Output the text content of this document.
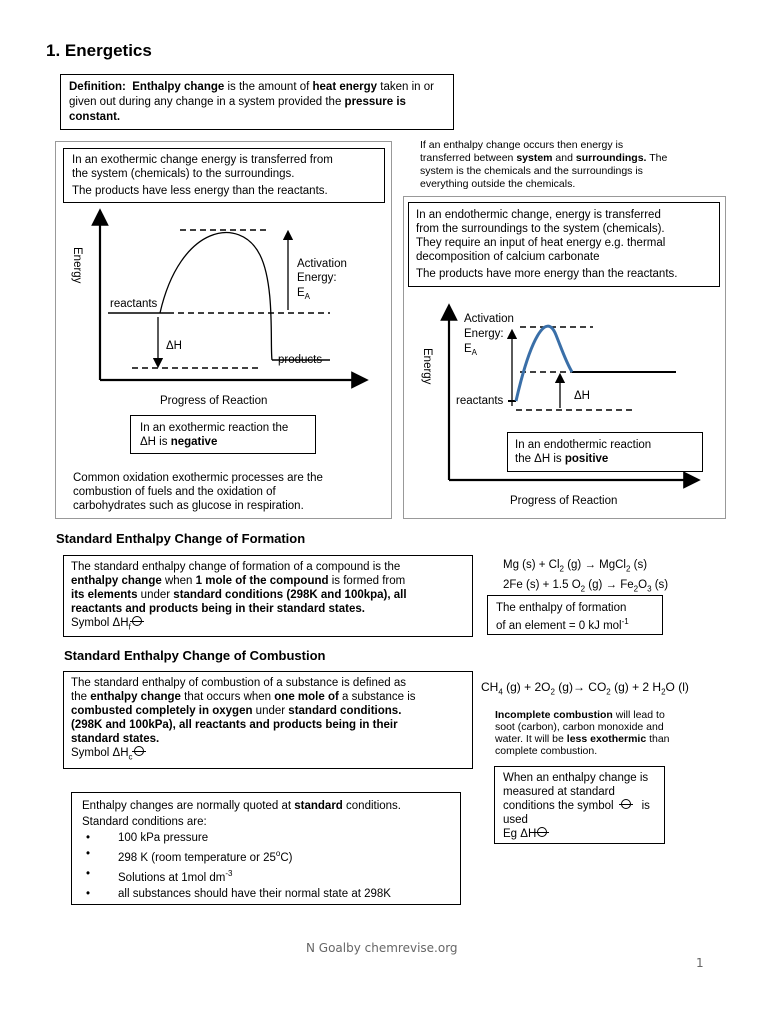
1. Energetics
Definition: Enthalpy change is the amount of heat energy taken in or given out during any change in a system provided the pressure is constant.
In an exothermic change energy is transferred from
the system (chemicals) to the surroundings.
The products have less energy than the reactants.
Energy	Activation
Energy:
$E_A$
reactants
ΔH
products
Progress of Reaction
In an exothermic reaction the
ΔH is negative
Common oxidation exothermic processes are the
combustion of fuels and the oxidation of
carbohydrates such as glucose in respiration.
If an enthalpy change occurs then energy is
transferred between system and surroundings. The
system is the chemicals and the surroundings is
everything outside the chemicals.
In an endothermic change, energy is transferred
from the surroundings to the system (chemicals).
They require an input of heat energy e.g. thermal
decomposition of calcium carbonate
The products have more energy than the reactants.
Activation
Energy:
$E_A$
Energy
reactants	ΔH
Progress of Reaction
In an endothermic reaction
the ΔH is positive
Standard Enthalpy Change of Formation
The standard enthalpy change of formation of a compound is the
enthalpy change when 1 mole of the compound is formed from
its elements under standard conditions (298K and 100kpa), all
reactants and products being in their standard states.
Symbol $\Delta H_f$
Mg $(s) + Cl_2$ (g) → MgCl$_2$ (s)
2Fe (s) + 1.5 $O_2$ $(g) \to Fe_2O_3$ (s)
The enthalpy of formation
of an element = 0 kJ mol$^{-1}$
Standard Enthalpy Change of Combustion
The standard enthalpy of combustion of a substance is defined as
the enthalpy change that occurs when one mole of a substance is
combusted completely in oxygen under standard conditions.
(298K and 100kPa), all reactants and products being in their
standard states.
Symbol $\Delta H_c$
$CH_4$ $(g) + 2O_2$ $(g)\to CO_2$ (g) + 2 $H_2O$ (l)
Incomplete combustion will lead to
soot (carbon), carbon monoxide and
water. It will be less exothermic than
complete combustion.
When an enthalpy change is
measured at standard
conditions the symbol is
used
Eg ΔH
Enthalpy changes are normally quoted at standard conditions.
Standard conditions are:
• 100 kPa pressure
• 298 K (room temperature or 25$^o$C)
• Solutions at 1mol $dm^{-3}$
• all substances should have their normal state at 298K
N Goalby chemrevise.org
1
